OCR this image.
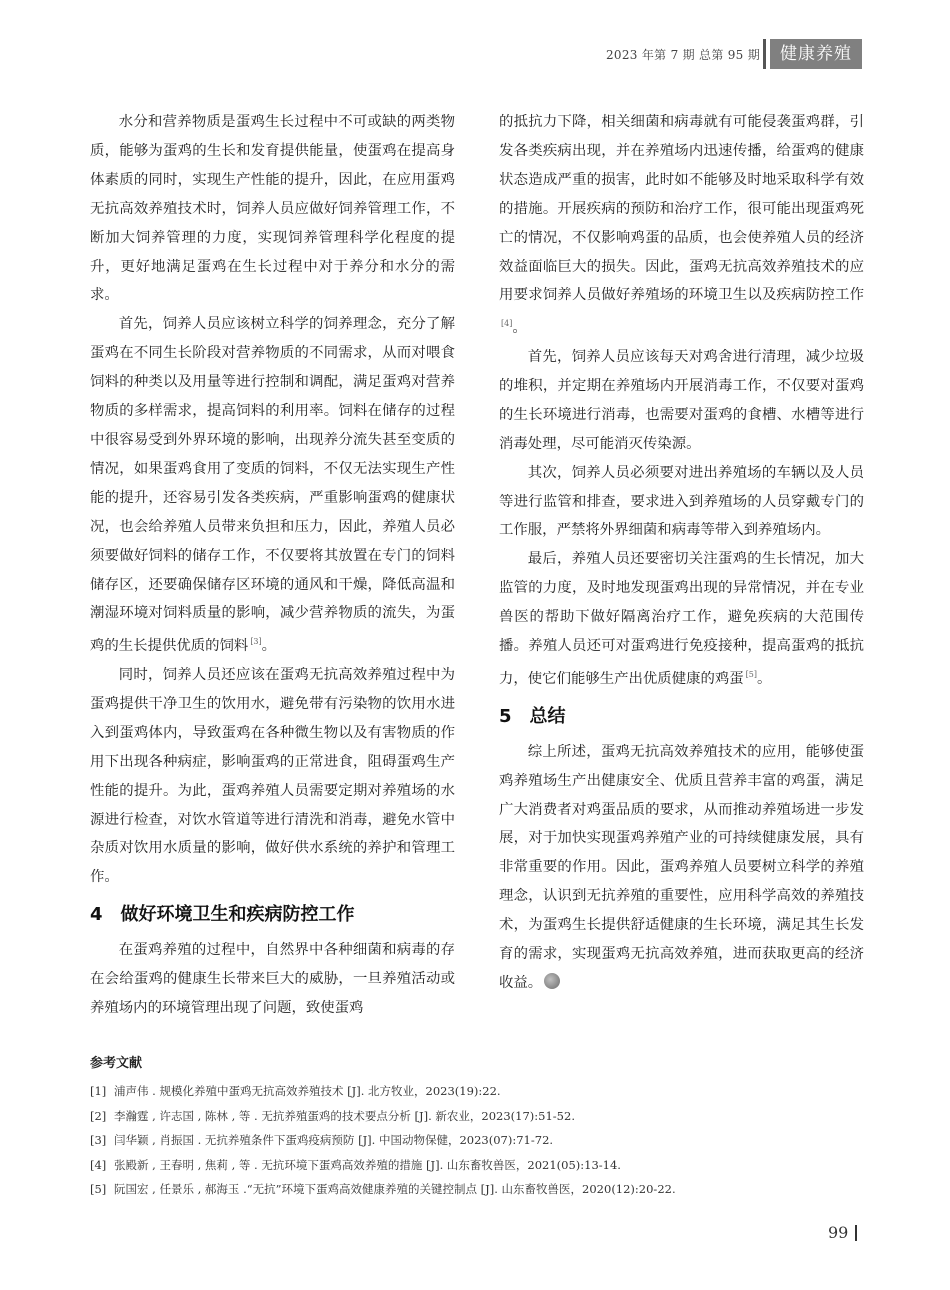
2023 年第 7 期 总第 95 期	健康养殖

水分和营养物质是蛋鸡生长过程中不可或缺的两类物质，能够为蛋鸡的生长和发育提供能量，使蛋鸡在提高身体素质的同时，实现生产性能的提升，因此，在应用蛋鸡无抗高效养殖技术时，饲养人员应做好饲养管理工作，不断加大饲养管理的力度，实现饲养管理科学化程度的提升，更好地满足蛋鸡在生长过程中对于养分和水分的需求。

首先，饲养人员应该树立科学的饲养理念，充分了解蛋鸡在不同生长阶段对营养物质的不同需求，从而对喂食饲料的种类以及用量等进行控制和调配，满足蛋鸡对营养物质的多样需求，提高饲料的利用率。饲料在储存的过程中很容易受到外界环境的影响，出现养分流失甚至变质的情况，如果蛋鸡食用了变质的饲料，不仅无法实现生产性能的提升，还容易引发各类疾病，严重影响蛋鸡的健康状况，也会给养殖人员带来负担和压力，因此，养殖人员必须要做好饲料的储存工作，不仅要将其放置在专门的饲料储存区，还要确保储存区环境的通风和干燥，降低高温和潮湿环境对饲料质量的影响，减少营养物质的流失，为蛋鸡的生长提供优质的饲料 [3]。

同时，饲养人员还应该在蛋鸡无抗高效养殖过程中为蛋鸡提供干净卫生的饮用水，避免带有污染物的饮用水进入到蛋鸡体内，导致蛋鸡在各种微生物以及有害物质的作用下出现各种病症，影响蛋鸡的正常进食，阻碍蛋鸡生产性能的提升。为此，蛋鸡养殖人员需要定期对养殖场的水源进行检查，对饮水管道等进行清洗和消毒，避免水管中杂质对饮用水质量的影响，做好供水系统的养护和管理工作。

4 做好环境卫生和疾病防控工作

在蛋鸡养殖的过程中，自然界中各种细菌和病毒的存在会给蛋鸡的健康生长带来巨大的威胁，一旦养殖活动或养殖场内的环境管理出现了问题，致使蛋鸡

的抵抗力下降，相关细菌和病毒就有可能侵袭蛋鸡群，引发各类疾病出现，并在养殖场内迅速传播，给蛋鸡的健康状态造成严重的损害，此时如不能够及时地采取科学有效的措施。开展疾病的预防和治疗工作，很可能出现蛋鸡死亡的情况，不仅影响鸡蛋的品质，也会使养殖人员的经济效益面临巨大的损失。因此，蛋鸡无抗高效养殖技术的应用要求饲养人员做好养殖场的环境卫生以及疾病防控工作[4]。

首先，饲养人员应该每天对鸡舍进行清理，减少垃圾的堆积，并定期在养殖场内开展消毒工作，不仅要对蛋鸡的生长环境进行消毒，也需要对蛋鸡的食槽、水槽等进行消毒处理，尽可能消灭传染源。

其次，饲养人员必须要对进出养殖场的车辆以及人员等进行监管和排查，要求进入到养殖场的人员穿戴专门的工作服，严禁将外界细菌和病毒等带入到养殖场内。

最后，养殖人员还要密切关注蛋鸡的生长情况，加大监管的力度，及时地发现蛋鸡出现的异常情况，并在专业兽医的帮助下做好隔离治疗工作，避免疾病的大范围传播。养殖人员还可对蛋鸡进行免疫接种，提高蛋鸡的抵抗力，使它们能够生产出优质健康的鸡蛋 [5]。

5 总结

综上所述，蛋鸡无抗高效养殖技术的应用，能够使蛋鸡养殖场生产出健康安全、优质且营养丰富的鸡蛋，满足广大消费者对鸡蛋品质的要求，从而推动养殖场进一步发展，对于加快实现蛋鸡养殖产业的可持续健康发展，具有非常重要的作用。因此，蛋鸡养殖人员要树立科学的养殖理念，认识到无抗养殖的重要性，应用科学高效的养殖技术，为蛋鸡生长提供舒适健康的生长环境，满足其生长发育的需求，实现蛋鸡无抗高效养殖，进而获取更高的经济收益。

参考文献
[1] 浦声伟 . 规模化养殖中蛋鸡无抗高效养殖技术 [J]. 北方牧业，2023(19):22.
[2] 李瀚霆 , 许志国 , 陈林 , 等 . 无抗养殖蛋鸡的技术要点分析 [J]. 新农业，2023(17):51-52.
[3] 闫华颖 , 肖振国 . 无抗养殖条件下蛋鸡疫病预防 [J]. 中国动物保健，2023(07):71-72.
[4] 张殿新 , 王春明 , 焦莉 , 等 . 无抗环境下蛋鸡高效养殖的措施 [J]. 山东畜牧兽医，2021(05):13-14.
[5] 阮国宏 , 任景乐 , 郝海玉 .“无抗”环境下蛋鸡高效健康养殖的关键控制点 [J]. 山东畜牧兽医，2020(12):20-22.
99
